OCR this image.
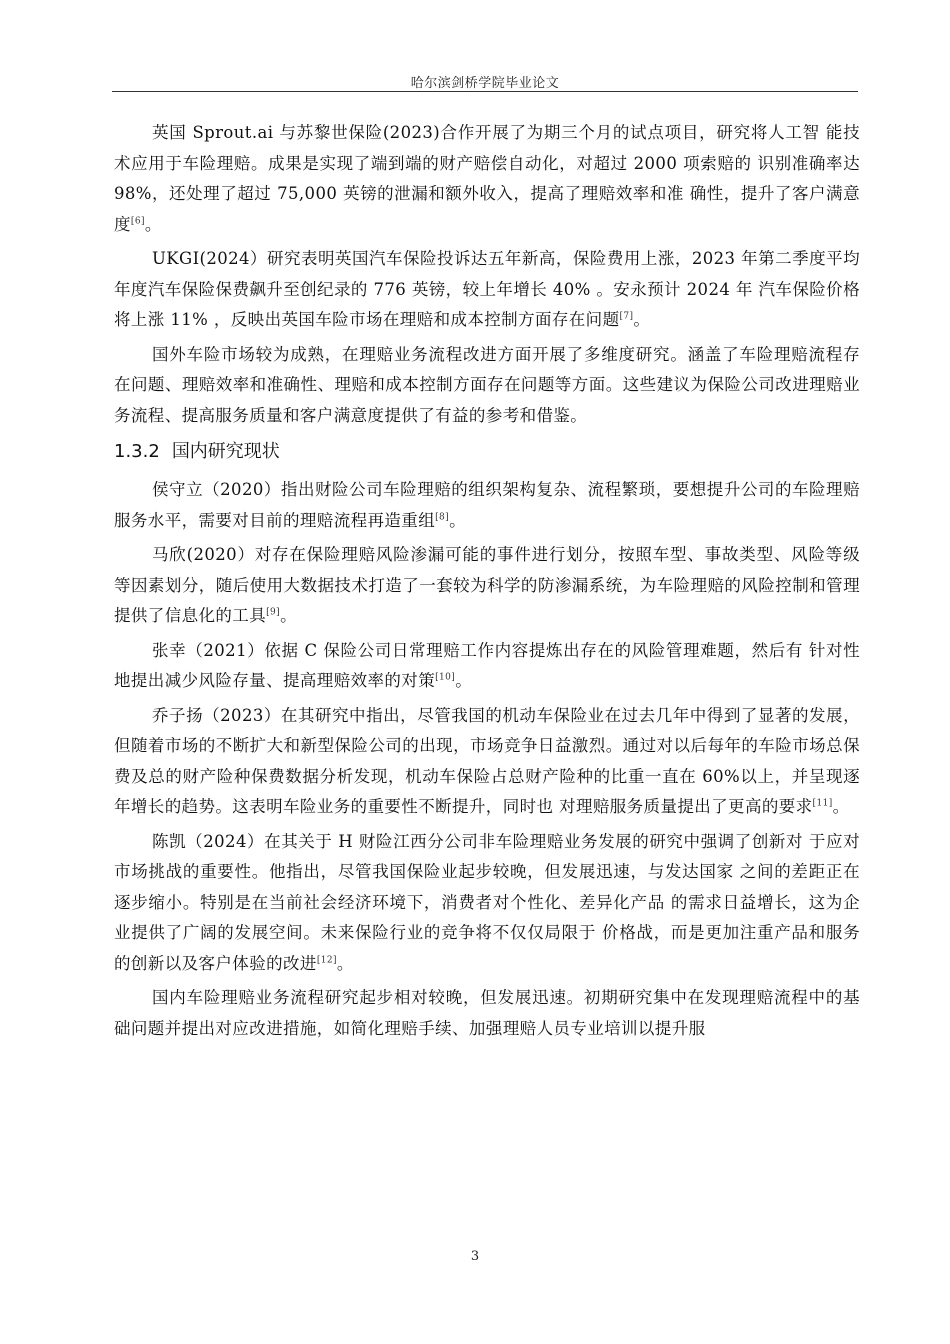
哈尔滨剑桥学院毕业论文

英国 Sprout.ai 与苏黎世保险(2023)合作开展了为期三个月的试点项目，研究将人工智 能技术应用于车险理赔。成果是实现了端到端的财产赔偿自动化，对超过 2000 项索赔的 识别准确率达 98%，还处理了超过 75,000 英镑的泄漏和额外收入，提高了理赔效率和准 确性，提升了客户满意度[6]。

UKGI(2024）研究表明英国汽车保险投诉达五年新高，保险费用上涨，2023 年第二季度平均年度汽车保险保费飙升至创纪录的 776 英镑，较上年增长 40% 。安永预计 2024 年 汽车保险价格将上涨 11% ，反映出英国车险市场在理赔和成本控制方面存在问题[7]。

国外车险市场较为成熟，在理赔业务流程改进方面开展了多维度研究。涵盖了车险理赔流程存在问题、理赔效率和准确性、理赔和成本控制方面存在问题等方面。这些建议为保险公司改进理赔业务流程、提高服务质量和客户满意度提供了有益的参考和借鉴。

1.3.2 国内研究现状

侯守立（2020）指出财险公司车险理赔的组织架构复杂、流程繁琐，要想提升公司的车险理赔服务水平，需要对目前的理赔流程再造重组[8]。

马欣(2020）对存在保险理赔风险渗漏可能的事件进行划分，按照车型、事故类型、风险等级等因素划分，随后使用大数据技术打造了一套较为科学的防渗漏系统，为车险理赔的风险控制和管理提供了信息化的工具[9]。

张幸（2021）依据 C 保险公司日常理赔工作内容提炼出存在的风险管理难题，然后有 针对性地提出减少风险存量、提高理赔效率的对策[10]。

乔子扬（2023）在其研究中指出，尽管我国的机动车保险业在过去几年中得到了显著的发展，但随着市场的不断扩大和新型保险公司的出现，市场竞争日益激烈。通过对以后每年的车险市场总保费及总的财产险种保费数据分析发现，机动车保险占总财产险种的比重一直在 60%以上，并呈现逐年增长的趋势。这表明车险业务的重要性不断提升，同时也 对理赔服务质量提出了更高的要求[11]。

陈凯（2024）在其关于 H 财险江西分公司非车险理赔业务发展的研究中强调了创新对 于应对市场挑战的重要性。他指出，尽管我国保险业起步较晚，但发展迅速，与发达国家 之间的差距正在逐步缩小。特别是在当前社会经济环境下，消费者对个性化、差异化产品 的需求日益增长，这为企业提供了广阔的发展空间。未来保险行业的竞争将不仅仅局限于 价格战，而是更加注重产品和服务的创新以及客户体验的改进[12]。

国内车险理赔业务流程研究起步相对较晚，但发展迅速。初期研究集中在发现理赔流程中的基础问题并提出对应改进措施，如简化理赔手续、加强理赔人员专业培训以提升服

3
